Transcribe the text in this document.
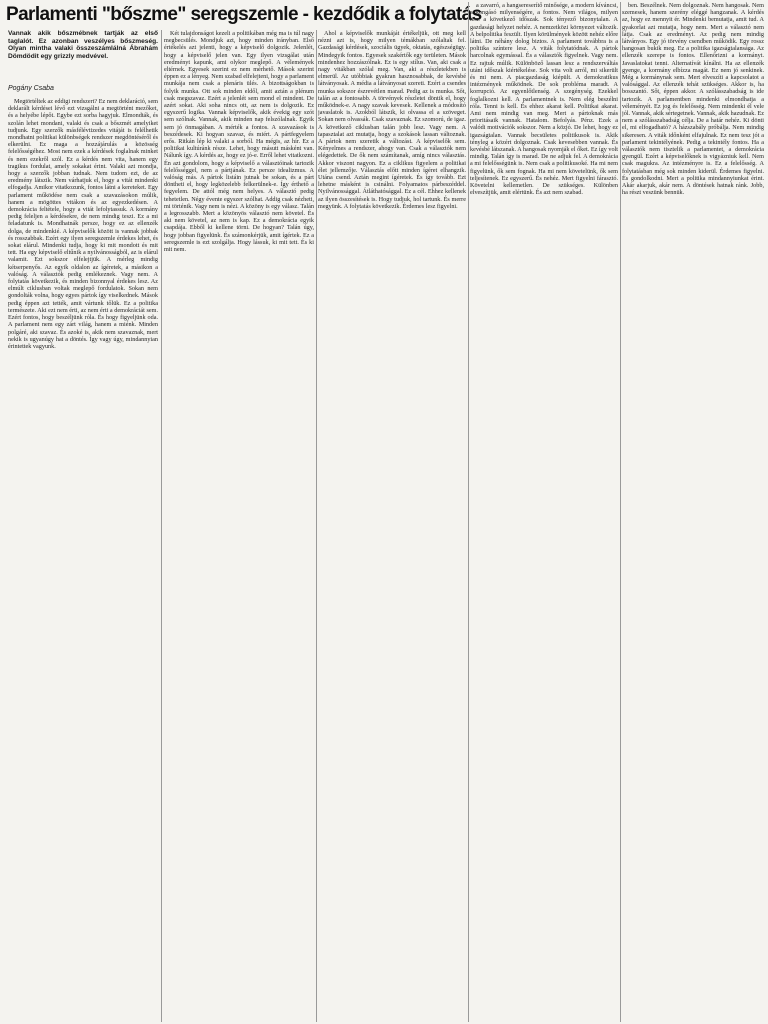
Parlamenti "bőszme" seregszemle - kezdődik a folytatás
Vannak akik bőszmébnek tartják az első taglalót. Ez azonban veszélyes bőszmeség. Olyan mintha valaki összeszámlálná Ábrahám Dömdödit egy grizzly medvével.
Pogány Csaba

Megtörtéltek az eddigi rendszert? Ez nem deklaráció, sem deklarált kérdései lévő ezt vizsgálni a megtörtént mezőket, és a helyébe lépőt. Egybe ezt sorba hagyjuk. Elmondták, és szolán lehet mondani, valaki és csak a bőszmét amelyiket tudjunk. Egy szerzők másfélévtizedes vitáját is felélhetik mondhatni politikai különbségek rendszer megdöntéséről és elkerülni. Ez maga a hozzájárulás a közösség felelősségéhez. Most nem ezek a kérdések foglalnak minket és nem ezekről szól. Ez a kérdés nem vita, hanem egy tragikus fordulat, amely sokakat érint. Valaki azt mondja, hogy a szerzők jobban tudnak. Nem tudom ezt, de az eredmény látszik. Nem várhatjuk el, hogy a vitát mindenki elfogadja. Amikor vitatkozunk, fontos látni a kereteket. Egy parlament működése nem csak a szavazásokon múlik, hanem a mögöttes vitákon és az egyezkedésen. A demokrácia feltétele, hogy a vitát lefolytassuk. A kormány pedig feleljen a kérdésekre, de nem mindig teszi. Ez a mi feladatunk is. Mondhatnák persze, hogy ez az ellenzék dolga, de mindenkié. A képviselők között is vannak jobbak és rosszabbak. Ezért egy ilyen seregszemle érdekes lehet, és sokat elárul. Mindenki tudja, hogy ki mit mondott és mit tett. Ha egy képviselő eltűnik a nyilvánosságból, az is elárul valamit. Ezt sokszor elfelejtjük. A mérleg mindig kétserpenyős. Az egyik oldalon az ígéretek, a másikon a valóság. A választók pedig emlékeznek. Vagy nem. A folytatás következik, és minden bizonnyal érdekes lesz. Az elmúlt ciklusban voltak meglepő fordulatok. Sokan nem gondolták volna, hogy egyes pártok így viselkednek. Mások pedig éppen azt tették, amit vártunk tőlük. Ez a politika természete. Aki ezt nem érti, az nem érti a demokráciát sem. Ezért fontos, hogy beszéljünk róla. És hogy figyeljünk oda. A parlament nem egy zárt világ, hanem a miénk. Minden polgáré, aki szavaz. És azoké is, akik nem szavaznak, mert nekik is ugyanúgy hat a döntés. Így vagy úgy, mindannyian érintettek vagyunk.

Két tulajdonságot kezeli a politikában még ma is túl nagy megbecsülés. Mondjuk azt, hogy minden irányban. Első értékelés azt jelenti, hogy a képviselő dolgozik. Jelenlét, hogy a képviselő jelen van. Egy ilyen vizsgálat után eredményt kapunk, ami olykor meglepő. A vélemények eltérnek. Egyesek szerint ez nem mérhető. Mások szerint éppen ez a lényeg. Nem szabad elfelejteni, hogy a parlament munkája nem csak a plenáris ülés. A bizottságokban is folyik munka. Ott sok minden eldől, amit aztán a plénum csak megszavaz. Ezért a jelenlét sem mond el mindent. De azért sokat. Aki soha nincs ott, az nem is dolgozik. Ez egyszerű logika. Vannak képviselők, akik évekig egy szót sem szólnak. Vannak, akik minden nap felszólalnak. Egyik sem jó önmagában. A mérték a fontos. A szavazások is beszédesek. Ki hogyan szavaz, és miért. A pártfegyelem erős. Ritkán lép ki valaki a sorból. Ha mégis, az hír. Ez a politikai kultúránk része. Lehet, hogy másutt másként van. Nálunk így. A kérdés az, hogy ez jó-e. Erről lehet vitatkozni. Én azt gondolom, hogy a képviselő a választóinak tartozik felelősséggel, nem a pártjának. Ez persze idealizmus. A valóság más. A pártok listáin jutnak be sokan, és a párt döntheti el, hogy legközelebb felkerülnek-e. Így érthető a fegyelem. De attól még nem helyes. A választó pedig tehetetlen. Négy évente egyszer szólhat. Addig csak nézheti, mi történik. Vagy nem is nézi. A közöny is egy válasz. Talán a legrosszabb. Mert a közönyös választó nem követel. És aki nem követel, az nem is kap. Ez a demokrácia egyik csapdája. Ebből ki kellene törni. De hogyan? Talán úgy, hogy jobban figyelünk. És számonkérjük, amit ígértek. Ez a seregszemle is ezt szolgálja. Hogy lássuk, ki mit tett. És ki mit nem.

Ahol a képviselők munkáját értékeljük, ott meg kell nézni azt is, hogy milyen témákban szólaltak fel. Gazdasági kérdések, szociális ügyek, oktatás, egészségügy. Mindegyik fontos. Egyesek szakértők egy területen. Mások mindenhez hozzászólnak. Ez is egy stílus. Van, aki csak a nagy vitákban szólal meg. Van, aki a részletekben is elmerül. Az utóbbiak gyakran hasznosabbak, de kevésbé látványosak. A média a látványosat szereti. Ezért a csendes munka sokszor észrevétlen marad. Pedig az is munka. Sőt, talán az a fontosabb. A törvények részletei döntik el, hogy működnek-e. A nagy szavak kevesek. Kellenek a módosító javaslatok is. Azokból látszik, ki olvassa el a szöveget. Sokan nem olvassák. Csak szavaznak. Ez szomorú, de igaz. A következő ciklusban talán jobb lesz. Vagy nem. A tapasztalat azt mutatja, hogy a szokások lassan változnak. A pártok nem szeretik a változást. A képviselők sem. Kényelmes a rendszer, ahogy van. Csak a választók nem elégedettek. De ők nem számítanak, amíg nincs választás. Akkor viszont nagyon. Ez a ciklikus figyelem a politikai élet jellemzője. Választás előtt minden ígéret elhangzik. Utána csend. Aztán megint ígéretek. És így tovább. Ezt lehetne másként is csinálni. Folyamatos párbeszéddel. Nyilvánossággal. Átláthatósággal. Ez a cél. Ehhez kellenek az ilyen összesítések is. Hogy tudjuk, hol tartunk. És merre megyünk. A folytatás következik. Érdemes lesz figyelni.

a zavarró, a hangsereserítő minősége, a modern kíváncsi, a kongásó milyenségére, a fontos. Nem világos, milyen lesz a következő időszak. Sok tényező bizonytalan. A gazdasági helyzet nehéz. A nemzetközi környezet változik. A belpolitika feszült. Ilyen körülmények között nehéz előre látni. De néhány dolog biztos. A parlament továbbra is a politika színtere lesz. A viták folytatódnak. A pártok harcolnak egymással. És a választók figyelnek. Vagy nem. Ez rajtuk múlik. Különböző lassan lesz a rendszerváltás utáni időszak kiértékelése. Sok vita volt arról, mi sikerült és mi nem. A piacgazdaság kiépült. A demokratikus intézmények működnek. De sok probléma maradt. A korrupció. Az egyenlőtlenség. A szegénység. Ezekkel foglalkozni kell. A parlamentnek is. Nem elég beszélni róla. Tenni is kell. És ehhez akarat kell. Politikai akarat. Ami nem mindig van meg. Mert a pártoknak más prioritásaik vannak. Hatalom. Befolyás. Pénz. Ezek a valódi motivációk sokszor. Nem a közjó. De lehet, hogy ez igazságtalan. Vannak becsületes politikusok is. Akik tényleg a közért dolgoznak. Csak kevesebben vannak. És kevésbé látszanak. A hangosak nyomják el őket. Ez így volt mindig. Talán így is marad. De ne adjuk fel. A demokrácia a mi felelősségünk is. Nem csak a politikusoké. Ha mi nem figyelünk, ők sem fognak. Ha mi nem követelünk, ők sem teljesítenek. Ez egyszerű. És nehéz. Mert figyelni fárasztó. Követelni kellemetlen. De szükséges. Különben elveszítjük, amit elértünk. És azt nem szabad.

ben. Beszélnek. Nem dolgoznak. Nem hangosak. Nem szemesek, hanem szerény eléggé hangzanak. A kérdés az, hogy ez mennyit ér. Mindenki bemutatja, amit tud. A gyakorlat azt mutatja, hogy nem. Mert a választó nem látja. Csak az eredményt. Az pedig nem mindig látványos. Egy jó törvény csendben működik. Egy rossz hangosan bukik meg. Ez a politika igazságtalansága. Az ellenzék szerepe is fontos. Ellenőrizni a kormányt. Javaslatokat tenni. Alternatívát kínálni. Ha az ellenzék gyenge, a kormány elbízza magát. Ez nem jó senkinek. Még a kormánynak sem. Mert elveszíti a kapcsolatot a valósággal. Az ellenzék tehát szükséges. Akkor is, ha bosszantó. Sőt, éppen akkor. A szólásszabadság is ide tartozik. A parlamentben mindenki elmondhatja a véleményét. Ez jog és felelősség. Nem mindenki él vele jól. Vannak, akik sértegetnek. Vannak, akik hazudnak. Ez nem a szólásszabadság célja. De a határ nehéz. Ki dönti el, mi elfogadható? A házszabály próbálja. Nem mindig sikeresen. A viták időnként elfajulnak. Ez nem tesz jót a parlament tekintélyének. Pedig a tekintély fontos. Ha a választók nem tisztelik a parlamentet, a demokrácia gyengül. Ezért a képviselőknek is vigyázniuk kell. Nem csak magukra. Az intézményre is. Ez a felelősség. A folytatásban még sok minden kiderül. Érdemes figyelni. És gondolkodni. Mert a politika mindannyiunkat érint. Akár akarjuk, akár nem. A döntések hatnak ránk. Jobb, ha részt veszünk bennük.
